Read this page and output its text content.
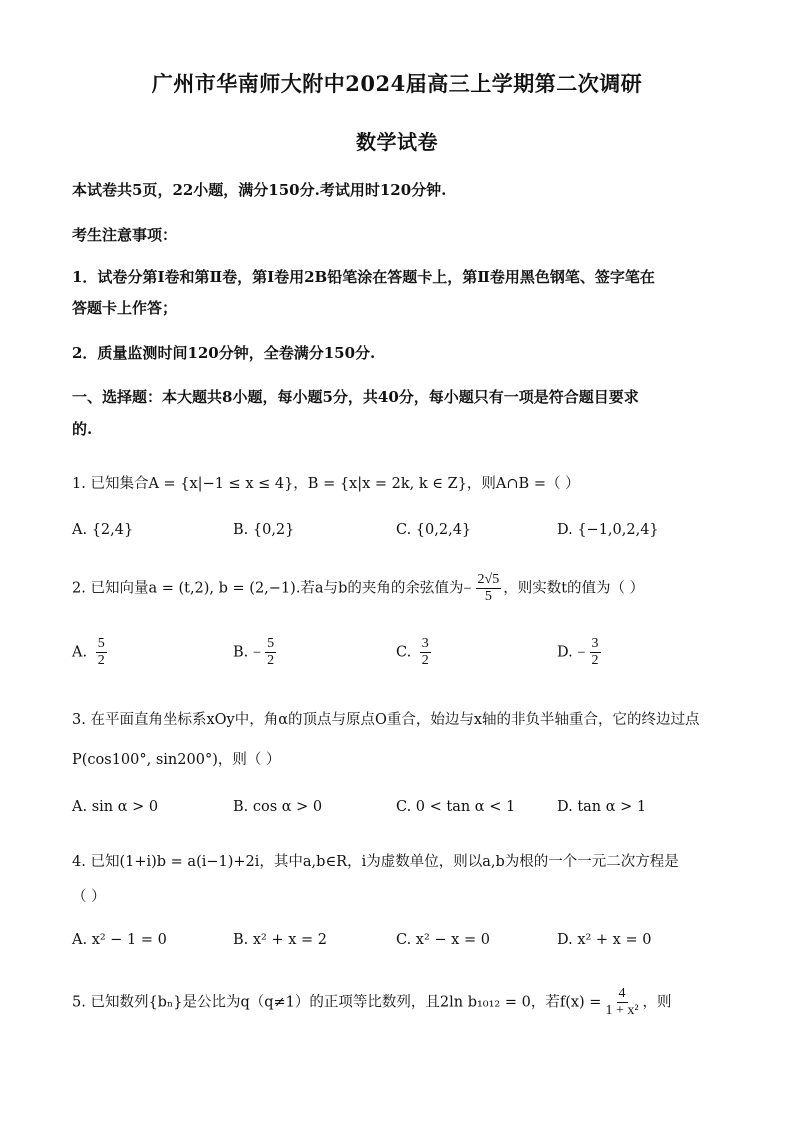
广州市华南师大附中2024届高三上学期第二次调研
数学试卷
本试卷共5页，22小题，满分150分.考试用时120分钟.
考生注意事项：
1．试卷分第Ⅰ卷和第Ⅱ卷，第Ⅰ卷用2B铅笔涂在答题卡上，第Ⅱ卷用黑色钢笔、签字笔在
答题卡上作答；
2．质量监测时间120分钟，全卷满分150分.
一、选择题：本大题共8小题，每小题5分，共40分，每小题只有一项是符合题目要求
的.
1. 已知集合A = {x|−1 ≤ x ≤ 4}，B = {x|x = 2k, k ∈ Z}，则A∩B =（ ）
A. {2,4}	B. {0,2}	C. {0,2,4}	D. {−1,0,2,4}
2. 已知向量a = (t,2), b = (2,−1).若a与b的夹角的余弦值为− $\frac{2√5}{5}$ ，则实数t的值为（ ）
A. $\frac{5}{2}$	B. − $\frac{5}{2}$	C. $\frac{3}{2}$	D. − $\frac{3}{2}$
3. 在平面直角坐标系xOy中，角α的顶点与原点O重合，始边与x轴的非负半轴重合，它的终边过点
P(cos100°, sin200°)，则（ ）
A. sin α > 0	B. cos α > 0	C. 0 < tan α < 1	D. tan α > 1
4. 已知(1+i)b = a(i−1)+2i，其中a,b∈R，i为虚数单位，则以a,b为根的一个一元二次方程是
（ ）
A. x² − 1 = 0	B. x² + x = 2	C. x² − x = 0	D. x² + x = 0
5. 已知数列{bₙ}是公比为q（q≠1）的正项等比数列，且2ln b₁₀₁₂ = 0，若$f(x) = \frac{4}{\text{1 + x²}}$ ，则
